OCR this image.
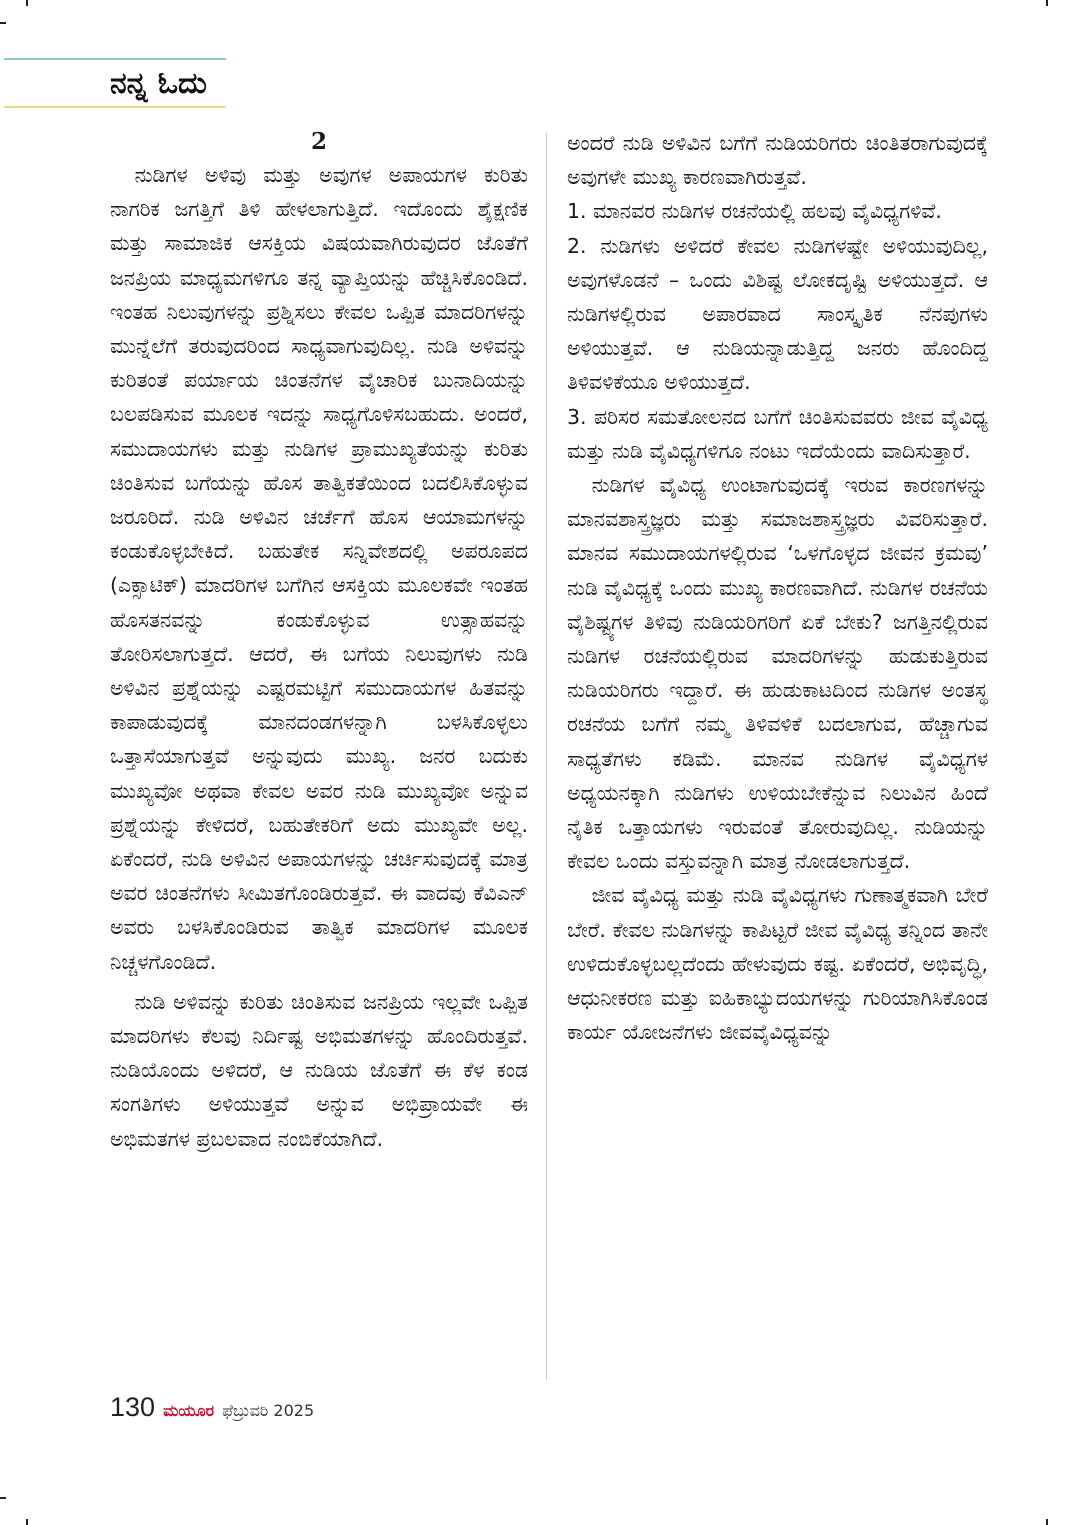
ನನ್ನ ಓದು
2

ನುಡಿಗಳ ಅಳಿವು ಮತ್ತು ಅವುಗಳ ಅಪಾಯಗಳ ಕುರಿತು ನಾಗರಿಕ ಜಗತ್ತಿಗೆ ತಿಳಿ ಹೇಳಲಾಗುತ್ತಿದೆ. ಇದೊಂದು ಶೈಕ್ಷಣಿಕ ಮತ್ತು ಸಾಮಾಜಿಕ ಆಸಕ್ತಿಯ ವಿಷಯವಾಗಿರುವುದರ ಜೊತೆಗೆ ಜನಪ್ರಿಯ ಮಾಧ್ಯಮಗಳಿಗೂ ತನ್ನ ವ್ಯಾಪ್ತಿಯನ್ನು ಹೆಚ್ಚಿಸಿಕೊಂಡಿದೆ. ಇಂತಹ ನಿಲುವುಗಳನ್ನು ಪ್ರಶ್ನಿಸಲು ಕೇವಲ ಒಪ್ಪಿತ ಮಾದರಿಗಳನ್ನು ಮುನ್ನೆಲೆಗೆ ತರುವುದರಿಂದ ಸಾಧ್ಯವಾಗುವುದಿಲ್ಲ. ನುಡಿ ಅಳಿವನ್ನು ಕುರಿತಂತೆ ಪರ್ಯಾಯ ಚಿಂತನೆಗಳ ವೈಚಾರಿಕ ಬುನಾದಿಯನ್ನು ಬಲಪಡಿಸುವ ಮೂಲಕ ಇದನ್ನು ಸಾಧ್ಯಗೊಳಿಸಬಹುದು. ಅಂದರೆ, ಸಮುದಾಯಗಳು ಮತ್ತು ನುಡಿಗಳ ಪ್ರಾಮುಖ್ಯತೆಯನ್ನು ಕುರಿತು ಚಿಂತಿಸುವ ಬಗೆಯನ್ನು ಹೊಸ ತಾತ್ವಿಕತೆಯಿಂದ ಬದಲಿಸಿಕೊಳ್ಳುವ ಜರೂರಿದೆ. ನುಡಿ ಅಳಿವಿನ ಚರ್ಚೆಗೆ ಹೊಸ ಆಯಾಮಗಳನ್ನು ಕಂಡುಕೊಳ್ಳಬೇಕಿದೆ. ಬಹುತೇಕ ಸನ್ನಿವೇಶದಲ್ಲಿ ಅಪರೂಪದ (ಎಕ್ಸಾಟಿಕ್) ಮಾದರಿಗಳ ಬಗೆಗಿನ ಆಸಕ್ತಿಯ ಮೂಲಕವೇ ಇಂತಹ ಹೊಸತನವನ್ನು ಕಂಡುಕೊಳ್ಳುವ ಉತ್ಸಾಹವನ್ನು ತೋರಿಸಲಾಗುತ್ತದೆ. ಆದರೆ, ಈ ಬಗೆಯ ನಿಲುವುಗಳು ನುಡಿ ಅಳಿವಿನ ಪ್ರಶ್ನೆಯನ್ನು ಎಷ್ಟರಮಟ್ಟಿಗೆ ಸಮುದಾಯಗಳ ಹಿತವನ್ನು ಕಾಪಾಡುವುದಕ್ಕೆ ಮಾನದಂಡಗಳನ್ನಾಗಿ ಬಳಸಿಕೊಳ್ಳಲು ಒತ್ತಾಸೆಯಾಗುತ್ತವೆ ಅನ್ನುವುದು ಮುಖ್ಯ. ಜನರ ಬದುಕು ಮುಖ್ಯವೋ ಅಥವಾ ಕೇವಲ ಅವರ ನುಡಿ ಮುಖ್ಯವೋ ಅನ್ನುವ ಪ್ರಶ್ನೆಯನ್ನು ಕೇಳಿದರೆ, ಬಹುತೇಕರಿಗೆ ಅದು ಮುಖ್ಯವೇ ಅಲ್ಲ. ಏಕೆಂದರೆ, ನುಡಿ ಅಳಿವಿನ ಅಪಾಯಗಳನ್ನು ಚರ್ಚಿಸುವುದಕ್ಕೆ ಮಾತ್ರ ಅವರ ಚಿಂತನೆಗಳು ಸೀಮಿತಗೊಂಡಿರುತ್ತವೆ. ಈ ವಾದವು ಕೆವಿಎನ್ ಅವರು ಬಳಸಿಕೊಂಡಿರುವ ತಾತ್ವಿಕ ಮಾದರಿಗಳ ಮೂಲಕ ನಿಚ್ಚಳಗೊಂಡಿದೆ.

ನುಡಿ ಅಳಿವನ್ನು ಕುರಿತು ಚಿಂತಿಸುವ ಜನಪ್ರಿಯ ಇಲ್ಲವೇ ಒಪ್ಪಿತ ಮಾದರಿಗಳು ಕೆಲವು ನಿರ್ದಿಷ್ಟ ಅಭಿಮತಗಳನ್ನು ಹೊಂದಿರುತ್ತವೆ. ನುಡಿಯೊಂದು ಅಳಿದರೆ, ಆ ನುಡಿಯ ಜೊತೆಗೆ ಈ ಕೆಳ ಕಂಡ ಸಂಗತಿಗಳು ಅಳಿಯುತ್ತವೆ ಅನ್ನುವ ಅಭಿಪ್ರಾಯವೇ ಈ ಅಭಿಮತಗಳ ಪ್ರಬಲವಾದ ನಂಬಿಕೆಯಾಗಿದೆ.

ಅಂದರೆ ನುಡಿ ಅಳಿವಿನ ಬಗೆಗೆ ನುಡಿಯರಿಗರು ಚಿಂತಿತರಾಗುವುದಕ್ಕೆ ಅವುಗಳೇ ಮುಖ್ಯ ಕಾರಣವಾಗಿರುತ್ತವೆ.

1. ಮಾನವರ ನುಡಿಗಳ ರಚನೆಯಲ್ಲಿ ಹಲವು ವೈವಿಧ್ಯಗಳಿವೆ.

2. ನುಡಿಗಳು ಅಳಿದರೆ ಕೇವಲ ನುಡಿಗಳಷ್ಟೇ ಅಳಿಯುವುದಿಲ್ಲ, ಅವುಗಳೊಡನೆ – ಒಂದು ವಿಶಿಷ್ಟ ಲೋಕದೃಷ್ಟಿ ಅಳಿಯುತ್ತದೆ. ಆ ನುಡಿಗಳಲ್ಲಿರುವ ಅಪಾರವಾದ ಸಾಂಸ್ಕೃತಿಕ ನೆನಪುಗಳು ಅಳಿಯುತ್ತವೆ. ಆ ನುಡಿಯನ್ನಾಡುತ್ತಿದ್ದ ಜನರು ಹೊಂದಿದ್ದ ತಿಳಿವಳಿಕೆಯೂ ಅಳಿಯುತ್ತದೆ.

3. ಪರಿಸರ ಸಮತೋಲನದ ಬಗೆಗೆ ಚಿಂತಿಸುವವರು ಜೀವ ವೈವಿಧ್ಯ ಮತ್ತು ನುಡಿ ವೈವಿಧ್ಯಗಳಿಗೂ ನಂಟು ಇದೆಯೆಂದು ವಾದಿಸುತ್ತಾರೆ.

ನುಡಿಗಳ ವೈವಿಧ್ಯ ಉಂಟಾಗುವುದಕ್ಕೆ ಇರುವ ಕಾರಣಗಳನ್ನು ಮಾನವಶಾಸ್ತ್ರಜ್ಞರು ಮತ್ತು ಸಮಾಜಶಾಸ್ತ್ರಜ್ಞರು ವಿವರಿಸುತ್ತಾರೆ. ಮಾನವ ಸಮುದಾಯಗಳಲ್ಲಿರುವ ‘ಒಳಗೊಳ್ಳದ ಜೀವನ ಕ್ರಮವು’ ನುಡಿ ವೈವಿಧ್ಯಕ್ಕೆ ಒಂದು ಮುಖ್ಯ ಕಾರಣವಾಗಿದೆ. ನುಡಿಗಳ ರಚನೆಯ ವೈಶಿಷ್ಟ್ಯಗಳ ತಿಳಿವು ನುಡಿಯರಿಗರಿಗೆ ಏಕೆ ಬೇಕು? ಜಗತ್ತಿನಲ್ಲಿರುವ ನುಡಿಗಳ ರಚನೆಯಲ್ಲಿರುವ ಮಾದರಿಗಳನ್ನು ಹುಡುಕುತ್ತಿರುವ ನುಡಿಯರಿಗರು ಇದ್ದಾರೆ. ಈ ಹುಡುಕಾಟದಿಂದ ನುಡಿಗಳ ಅಂತಸ್ಥ ರಚನೆಯ ಬಗೆಗೆ ನಮ್ಮ ತಿಳಿವಳಿಕೆ ಬದಲಾಗುವ, ಹೆಚ್ಚಾಗುವ ಸಾಧ್ಯತೆಗಳು ಕಡಿಮೆ. ಮಾನವ ನುಡಿಗಳ ವೈವಿಧ್ಯಗಳ ಅಧ್ಯಯನಕ್ಕಾಗಿ ನುಡಿಗಳು ಉಳಿಯಬೇಕೆನ್ನುವ ನಿಲುವಿನ ಹಿಂದೆ ನೈತಿಕ ಒತ್ತಾಯಗಳು ಇರುವಂತೆ ತೋರುವುದಿಲ್ಲ. ನುಡಿಯನ್ನು ಕೇವಲ ಒಂದು ವಸ್ತುವನ್ನಾಗಿ ಮಾತ್ರ ನೋಡಲಾಗುತ್ತದೆ.

ಜೀವ ವೈವಿಧ್ಯ ಮತ್ತು ನುಡಿ ವೈವಿಧ್ಯಗಳು ಗುಣಾತ್ಮಕವಾಗಿ ಬೇರೆ ಬೇರೆ. ಕೇವಲ ನುಡಿಗಳನ್ನು ಕಾಪಿಟ್ಟರೆ ಜೀವ ವೈವಿಧ್ಯ ತನ್ನಿಂದ ತಾನೇ ಉಳಿದುಕೊಳ್ಳಬಲ್ಲದೆಂದು ಹೇಳುವುದು ಕಷ್ಟ. ಏಕೆಂದರೆ, ಅಭಿವೃದ್ಧಿ, ಆಧುನೀಕರಣ ಮತ್ತು ಐಹಿಕಾಭ್ಯುದಯಗಳನ್ನು ಗುರಿಯಾಗಿಸಿಕೊಂಡ ಕಾರ್ಯ ಯೋಜನೆಗಳು ಜೀವವೈವಿಧ್ಯವನ್ನು

130 ಮಯೂರ ಫೆಬ್ರುವರಿ 2025
